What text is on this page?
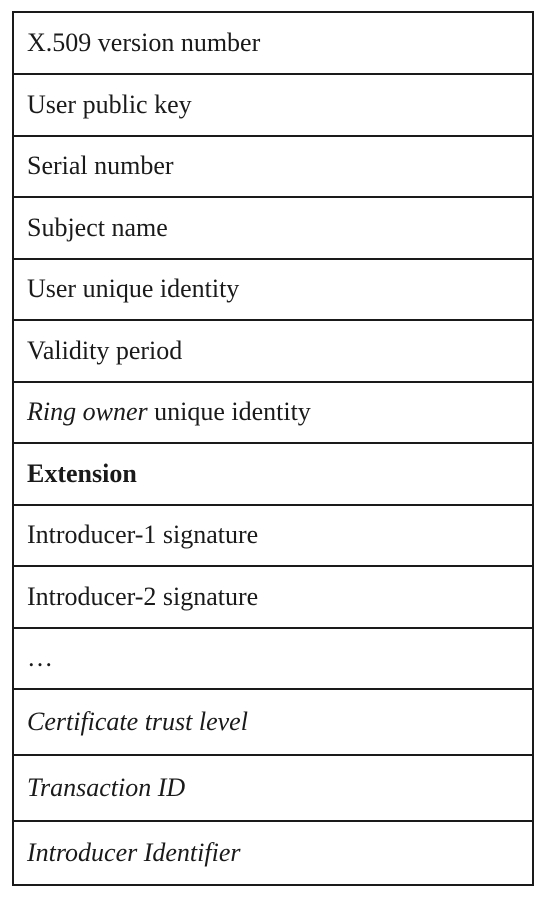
X.509 version number
User public key
Serial number
Subject name
User unique identity
Validity period
Ring owner unique identity
Extension
Introducer-1 signature
Introducer-2 signature
…
Certificate trust level
Transaction ID
Introducer Identifier
